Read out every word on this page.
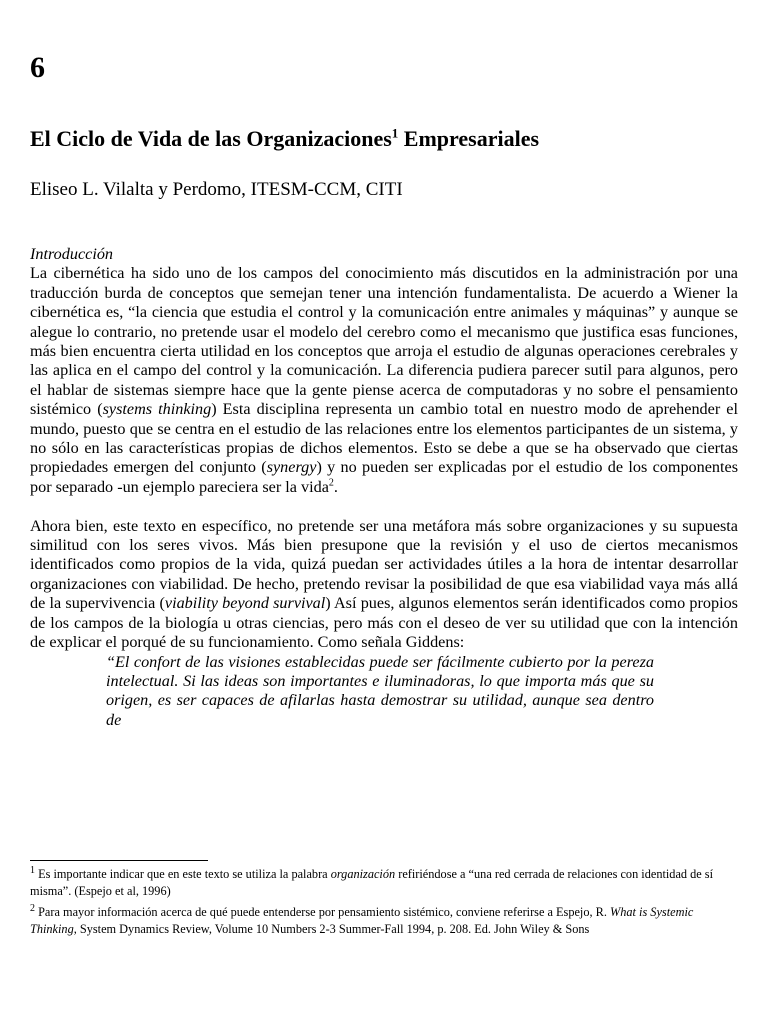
6
El Ciclo de Vida de las Organizaciones$^1$ Empresariales
Eliseo L. Vilalta y Perdomo, ITESM-CCM, CITI

Introducción

La cibernética ha sido uno de los campos del conocimiento más discutidos en la administración por una traducción burda de conceptos que semejan tener una intención fundamentalista. De acuerdo a Wiener la cibernética es, “la ciencia que estudia el control y la comunicación entre animales y máquinas” y aunque se alegue lo contrario, no pretende usar el modelo del cerebro como el mecanismo que justifica esas funciones, más bien encuentra cierta utilidad en los conceptos que arroja el estudio de algunas operaciones cerebrales y las aplica en el campo del control y la comunicación. La diferencia pudiera parecer sutil para algunos, pero el hablar de sistemas siempre hace que la gente piense acerca de computadoras y no sobre el pensamiento sistémico (systems thinking) Esta disciplina representa un cambio total en nuestro modo de aprehender el mundo, puesto que se centra en el estudio de las relaciones entre los elementos participantes de un sistema, y no sólo en las características propias de dichos elementos. Esto se debe a que se ha observado que ciertas propiedades emergen del conjunto (synergy) y no pueden ser explicadas por el estudio de los componentes por separado -un ejemplo pareciera ser la vida$^2$.

Ahora bien, este texto en específico, no pretende ser una metáfora más sobre organizaciones y su supuesta similitud con los seres vivos. Más bien presupone que la revisión y el uso de ciertos mecanismos identificados como propios de la vida, quizá puedan ser actividades útiles a la hora de intentar desarrollar organizaciones con viabilidad. De hecho, pretendo revisar la posibilidad de que esa viabilidad vaya más allá de la supervivencia (viability beyond survival) Así pues, algunos elementos serán identificados como propios de los campos de la biología u otras ciencias, pero más con el deseo de ver su utilidad que con la intención de explicar el porqué de su funcionamiento. Como señala Giddens:

“El confort de las visiones establecidas puede ser fácilmente cubierto por la pereza intelectual. Si las ideas son importantes e iluminadoras, lo que importa más que su origen, es ser capaces de afilarlas hasta demostrar su utilidad, aunque sea dentro de

$^1$ Es importante indicar que en este texto se utiliza la palabra organización refiriéndose a “una red cerrada de relaciones con identidad de sí misma”. (Espejo et al, 1996)

$^2$ Para mayor información acerca de qué puede entenderse por pensamiento sistémico, conviene referirse a Espejo, R. What is Systemic Thinking, System Dynamics Review, Volume 10 Numbers 2-3 Summer-Fall 1994, p. 208. Ed. John Wiley & Sons
